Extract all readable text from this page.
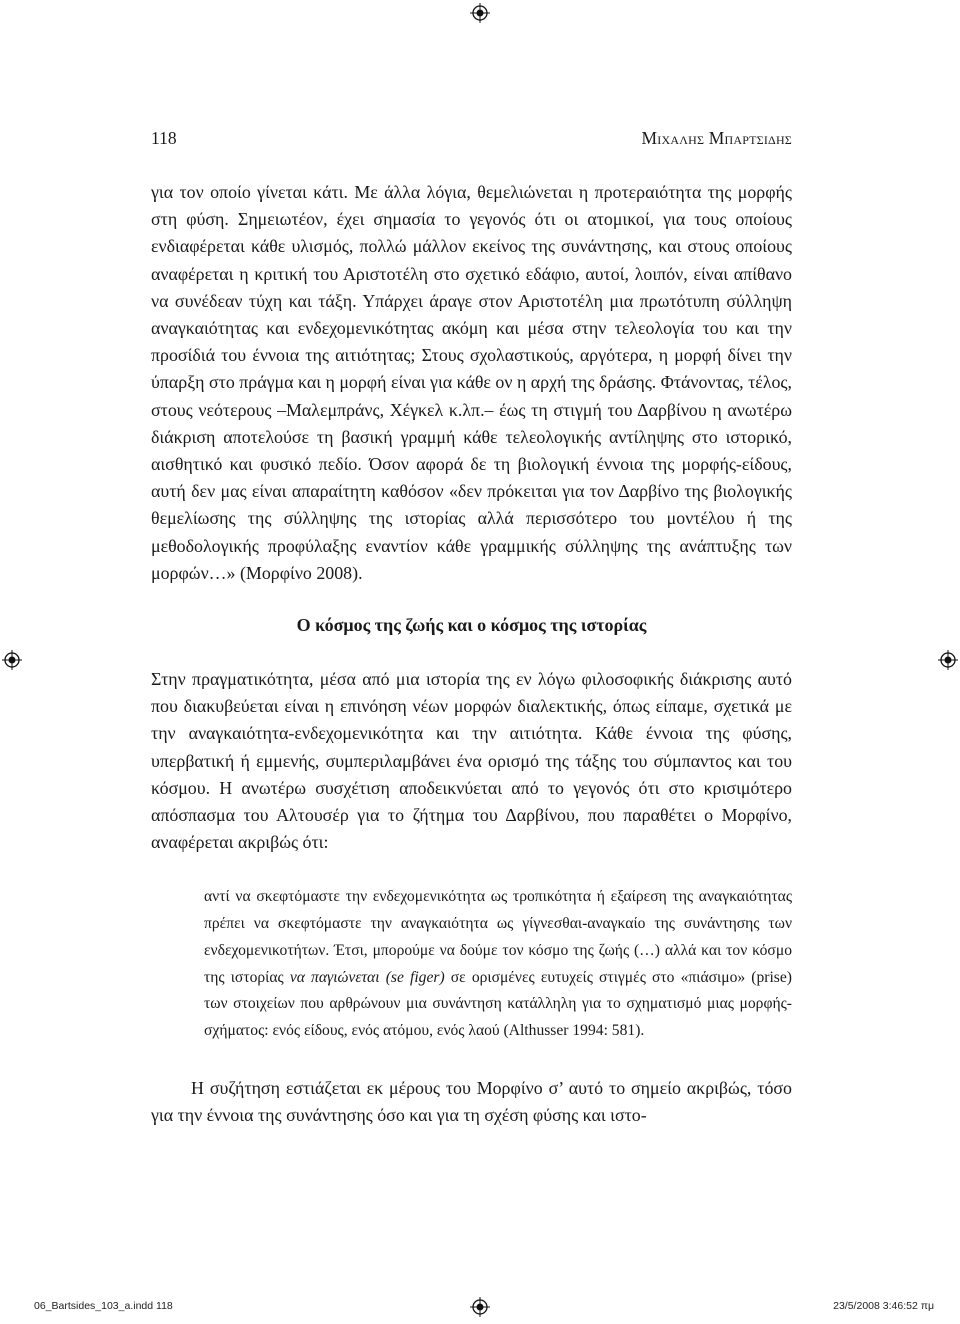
118	Μιχαλης Μπαρτσιδης

για τον οποίο γίνεται κάτι. Με άλλα λόγια, θεμελιώνεται η προτεραιότητα της μορφής στη φύση. Σημειωτέον, έχει σημασία το γεγονός ότι οι ατομικοί, για τους οποίους ενδιαφέρεται κάθε υλισμός, πολλώ μάλλον εκείνος της συνάντησης, και στους οποίους αναφέρεται η κριτική του Αριστοτέλη στο σχετικό εδάφιο, αυτοί, λοιπόν, είναι απίθανο να συνέδεαν τύχη και τάξη. Υπάρχει άραγε στον Αριστοτέλη μια πρωτότυπη σύλληψη αναγκαιότητας και ενδεχομενικότητας ακόμη και μέσα στην τελεολογία του και την προσίδιά του έννοια της αιτιότητας; Στους σχολαστικούς, αργότερα, η μορφή δίνει την ύπαρξη στο πράγμα και η μορφή είναι για κάθε ον η αρχή της δράσης. Φτάνοντας, τέλος, στους νεότερους –Μαλεμπράνς, Χέγκελ κ.λπ.– έως τη στιγμή του Δαρβίνου η ανωτέρω διάκριση αποτελούσε τη βασική γραμμή κάθε τελεολογικής αντίληψης στο ιστορικό, αισθητικό και φυσικό πεδίο. Όσον αφορά δε τη βιολογική έννοια της μορφής-είδους, αυτή δεν μας είναι απαραίτητη καθόσον «δεν πρόκειται για τον Δαρβίνο της βιολογικής θεμελίωσης της σύλληψης της ιστορίας αλλά περισσότερο του μοντέλου ή της μεθοδολογικής προφύλαξης εναντίον κάθε γραμμικής σύλληψης της ανάπτυξης των μορφών…» (Μορφίνο 2008).

Ο κόσμος της ζωής και ο κόσμος της ιστορίας

Στην πραγματικότητα, μέσα από μια ιστορία της εν λόγω φιλοσοφικής διάκρισης αυτό που διακυβεύεται είναι η επινόηση νέων μορφών διαλεκτικής, όπως είπαμε, σχετικά με την αναγκαιότητα-ενδεχομενικότητα και την αιτιότητα. Κάθε έννοια της φύσης, υπερβατική ή εμμενής, συμπεριλαμβάνει ένα ορισμό της τάξης του σύμπαντος και του κόσμου. Η ανωτέρω συσχέτιση αποδεικνύεται από το γεγονός ότι στο κρισιμότερο απόσπασμα του Αλτουσέρ για το ζήτημα του Δαρβίνου, που παραθέτει ο Μορφίνο, αναφέρεται ακριβώς ότι:

αντί να σκεφτόμαστε την ενδεχομενικότητα ως τροπικότητα ή εξαίρεση της αναγκαιότητας πρέπει να σκεφτόμαστε την αναγκαιότητα ως γίγνεσθαι-αναγκαίο της συνάντησης των ενδεχομενικοτήτων. Έτσι, μπορούμε να δούμε τον κόσμο της ζωής (…) αλλά και τον κόσμο της ιστορίας να παγιώνεται (se figer) σε ορισμένες ευτυχείς στιγμές στο «πιάσιμο» (prise) των στοιχείων που αρθρώνουν μια συνάντηση κατάλληλη για το σχηματισμό μιας μορφής-σχήματος: ενός είδους, ενός ατόμου, ενός λαού (Althusser 1994: 581).

Η συζήτηση εστιάζεται εκ μέρους του Μορφίνο σ’ αυτό το σημείο ακριβώς, τόσο για την έννοια της συνάντησης όσο και για τη σχέση φύσης και ιστο-

06_Bartsides_103_a.indd 118	23/5/2008 3:46:52 πμ
